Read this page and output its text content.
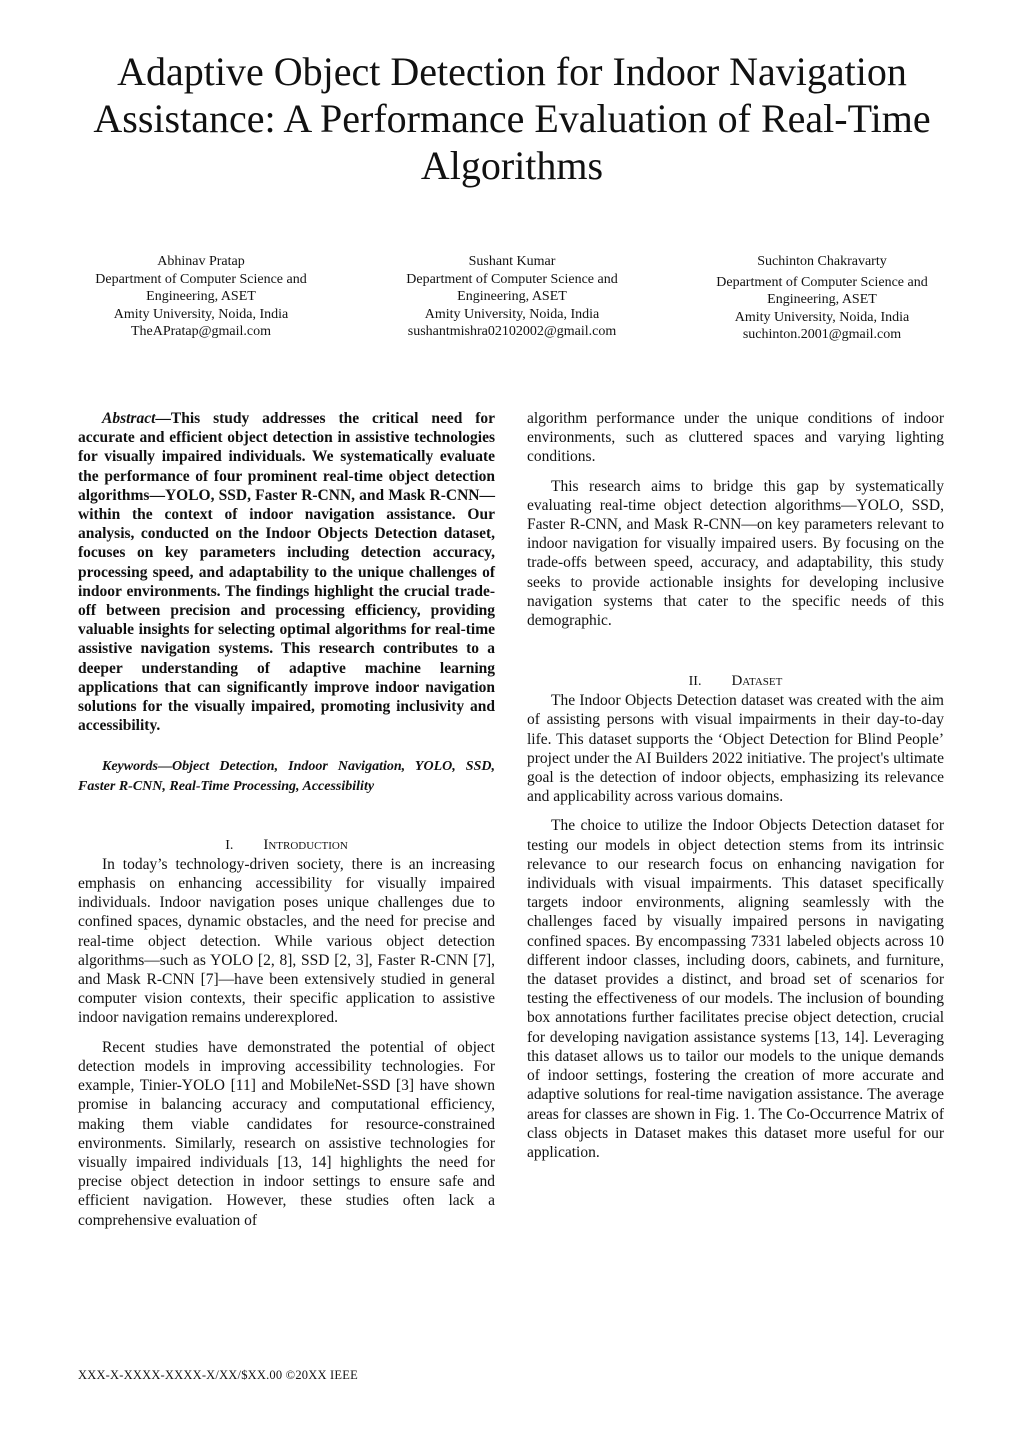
Adaptive Object Detection for Indoor Navigation Assistance: A Performance Evaluation of Real-Time Algorithms
Abhinav Pratap
Department of Computer Science and
Engineering, ASET
Amity University, Noida, India
TheAPratap@gmail.com
Sushant Kumar
Department of Computer Science and
Engineering, ASET
Amity University, Noida, India
sushantmishra02102002@gmail.com
Suchinton Chakravarty
Department of Computer Science and
Engineering, ASET
Amity University, Noida, India
suchinton.2001@gmail.com

Abstract—This study addresses the critical need for accurate and efficient object detection in assistive technologies for visually impaired individuals. We systematically evaluate the performance of four prominent real-time object detection algorithms—YOLO, SSD, Faster R-CNN, and Mask R-CNN—within the context of indoor navigation assistance. Our analysis, conducted on the Indoor Objects Detection dataset, focuses on key parameters including detection accuracy, processing speed, and adaptability to the unique challenges of indoor environments. The findings highlight the crucial trade-off between precision and processing efficiency, providing valuable insights for selecting optimal algorithms for real-time assistive navigation systems. This research contributes to a deeper understanding of adaptive machine learning applications that can significantly improve indoor navigation solutions for the visually impaired, promoting inclusivity and accessibility.

Keywords—Object Detection, Indoor Navigation, YOLO, SSD, Faster R-CNN, Real-Time Processing, Accessibility

I. Introduction

In today’s technology-driven society, there is an increasing emphasis on enhancing accessibility for visually impaired individuals. Indoor navigation poses unique challenges due to confined spaces, dynamic obstacles, and the need for precise and real-time object detection. While various object detection algorithms—such as YOLO [2, 8], SSD [2, 3], Faster R-CNN [7], and Mask R-CNN [7]—have been extensively studied in general computer vision contexts, their specific application to assistive indoor navigation remains underexplored.

Recent studies have demonstrated the potential of object detection models in improving accessibility technologies. For example, Tinier-YOLO [11] and MobileNet-SSD [3] have shown promise in balancing accuracy and computational efficiency, making them viable candidates for resource-constrained environments. Similarly, research on assistive technologies for visually impaired individuals [13, 14] highlights the need for precise object detection in indoor settings to ensure safe and efficient navigation. However, these studies often lack a comprehensive evaluation of

algorithm performance under the unique conditions of indoor environments, such as cluttered spaces and varying lighting conditions.

This research aims to bridge this gap by systematically evaluating real-time object detection algorithms—YOLO, SSD, Faster R-CNN, and Mask R-CNN—on key parameters relevant to indoor navigation for visually impaired users. By focusing on the trade-offs between speed, accuracy, and adaptability, this study seeks to provide actionable insights for developing inclusive navigation systems that cater to the specific needs of this demographic.

II. Dataset

The Indoor Objects Detection dataset was created with the aim of assisting persons with visual impairments in their day-to-day life. This dataset supports the ‘Object Detection for Blind People’ project under the AI Builders 2022 initiative. The project's ultimate goal is the detection of indoor objects, emphasizing its relevance and applicability across various domains.

The choice to utilize the Indoor Objects Detection dataset for testing our models in object detection stems from its intrinsic relevance to our research focus on enhancing navigation for individuals with visual impairments. This dataset specifically targets indoor environments, aligning seamlessly with the challenges faced by visually impaired persons in navigating confined spaces. By encompassing 7331 labeled objects across 10 different indoor classes, including doors, cabinets, and furniture, the dataset provides a distinct, and broad set of scenarios for testing the effectiveness of our models. The inclusion of bounding box annotations further facilitates precise object detection, crucial for developing navigation assistance systems [13, 14]. Leveraging this dataset allows us to tailor our models to the unique demands of indoor settings, fostering the creation of more accurate and adaptive solutions for real-time navigation assistance. The average areas for classes are shown in Fig. 1. The Co-Occurrence Matrix of class objects in Dataset makes this dataset more useful for our application.

XXX-X-XXXX-XXXX-X/XX/$XX.00 ©20XX IEEE
